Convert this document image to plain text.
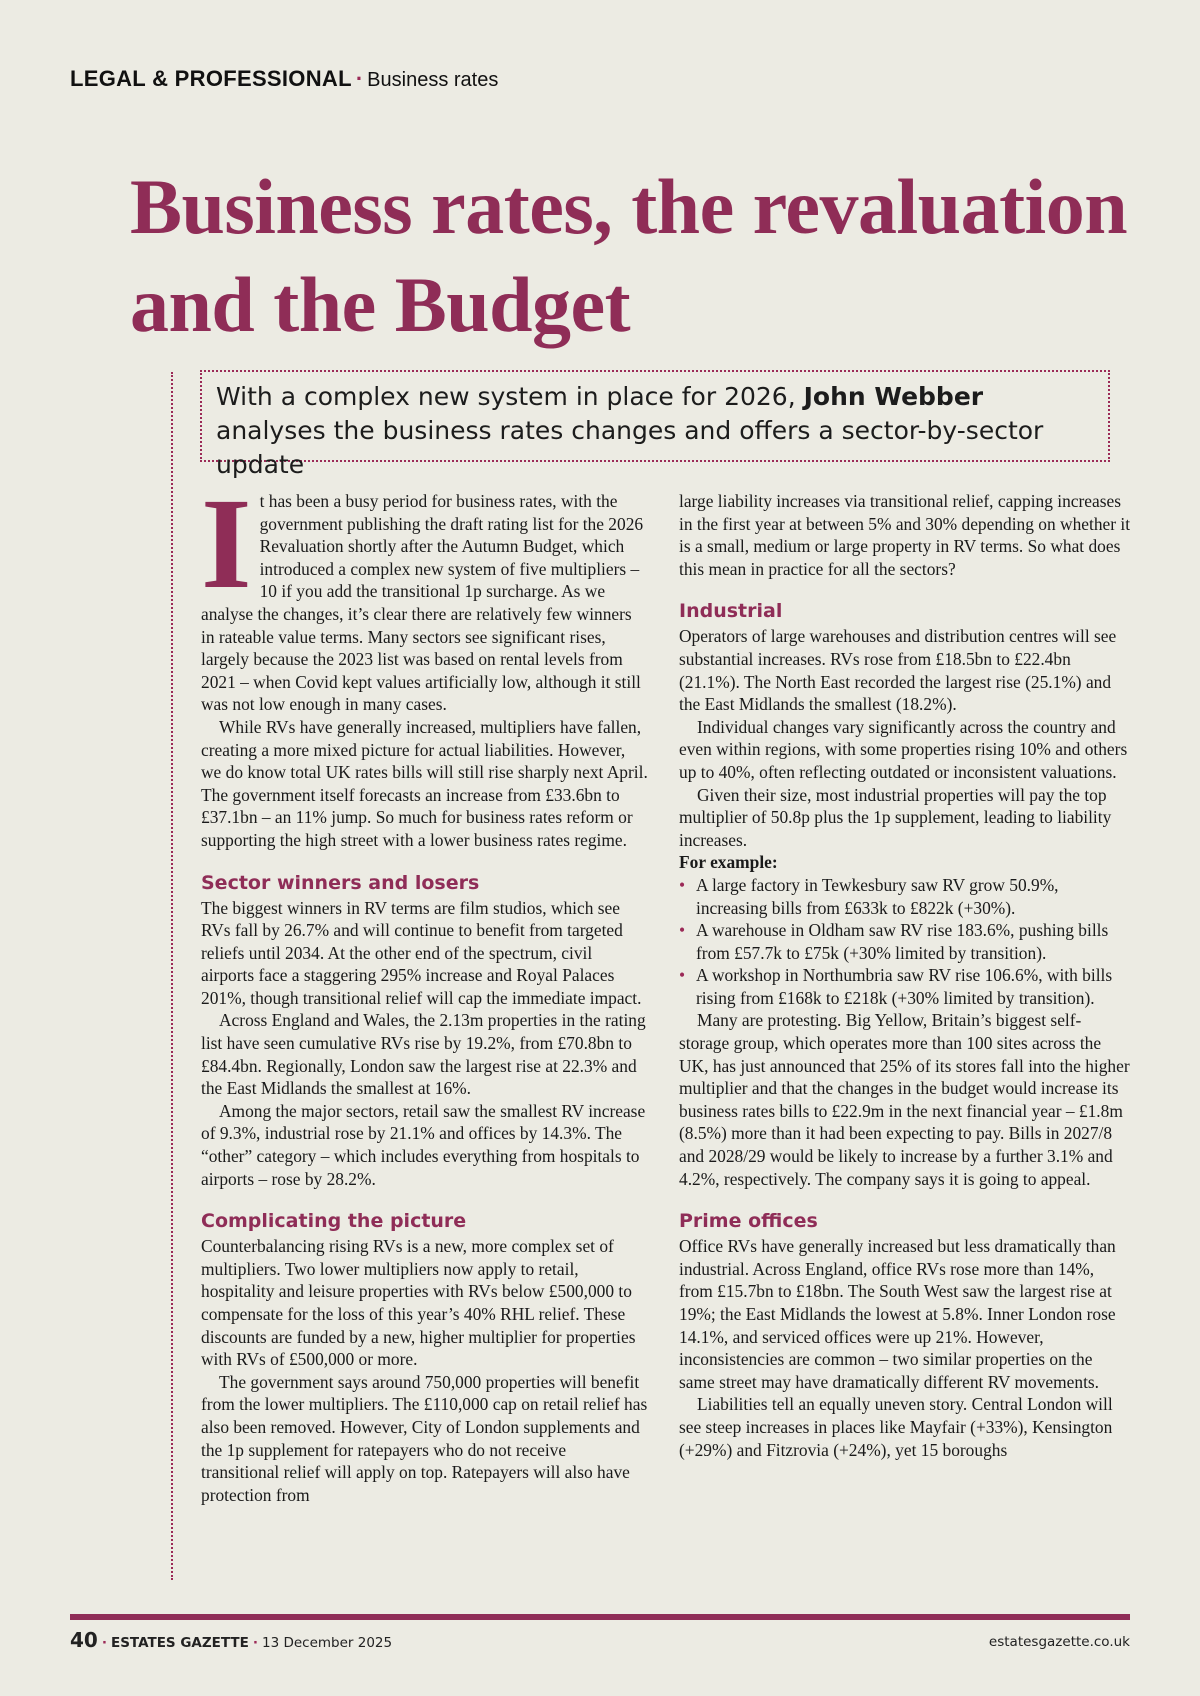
LEGAL & PROFESSIONAL · Business rates
Business rates, the revaluation and the Budget
With a complex new system in place for 2026, John Webber analyses the business rates changes and offers a sector-by-sector update

It has been a busy period for business rates, with the government publishing the draft rating list for the 2026 Revaluation shortly after the Autumn Budget, which introduced a complex new system of five multipliers – 10 if you add the transitional 1p surcharge. As we analyse the changes, it’s clear there are relatively few winners in rateable value terms. Many sectors see significant rises, largely because the 2023 list was based on rental levels from 2021 – when Covid kept values artificially low, although it still was not low enough in many cases.

While RVs have generally increased, multipliers have fallen, creating a more mixed picture for actual liabilities. However, we do know total UK rates bills will still rise sharply next April. The government itself forecasts an increase from £33.6bn to £37.1bn – an 11% jump. So much for business rates reform or supporting the high street with a lower business rates regime.

Sector winners and losers

The biggest winners in RV terms are film studios, which see RVs fall by 26.7% and will continue to benefit from targeted reliefs until 2034. At the other end of the spectrum, civil airports face a staggering 295% increase and Royal Palaces 201%, though transitional relief will cap the immediate impact.

Across England and Wales, the 2.13m properties in the rating list have seen cumulative RVs rise by 19.2%, from £70.8bn to £84.4bn. Regionally, London saw the largest rise at 22.3% and the East Midlands the smallest at 16%.

Among the major sectors, retail saw the smallest RV increase of 9.3%, industrial rose by 21.1% and offices by 14.3%. The “other” category – which includes everything from hospitals to airports – rose by 28.2%.

Complicating the picture

Counterbalancing rising RVs is a new, more complex set of multipliers. Two lower multipliers now apply to retail, hospitality and leisure properties with RVs below £500,000 to compensate for the loss of this year’s 40% RHL relief. These discounts are funded by a new, higher multiplier for properties with RVs of £500,000 or more.

The government says around 750,000 properties will benefit from the lower multipliers. The £110,000 cap on retail relief has also been removed. However, City of London supplements and the 1p supplement for ratepayers who do not receive transitional relief will apply on top. Ratepayers will also have protection from

large liability increases via transitional relief, capping increases in the first year at between 5% and 30% depending on whether it is a small, medium or large property in RV terms. So what does this mean in practice for all the sectors?

Industrial

Operators of large warehouses and distribution centres will see substantial increases. RVs rose from £18.5bn to £22.4bn (21.1%). The North East recorded the largest rise (25.1%) and the East Midlands the smallest (18.2%).

Individual changes vary significantly across the country and even within regions, with some properties rising 10% and others up to 40%, often reflecting outdated or inconsistent valuations.

Given their size, most industrial properties will pay the top multiplier of 50.8p plus the 1p supplement, leading to liability increases.

For example:

• A large factory in Tewkesbury saw RV grow 50.9%, increasing bills from £633k to £822k (+30%).
• A warehouse in Oldham saw RV rise 183.6%, pushing bills from £57.7k to £75k (+30% limited by transition).
• A workshop in Northumbria saw RV rise 106.6%, with bills rising from £168k to £218k (+30% limited by transition).

Many are protesting. Big Yellow, Britain’s biggest self-storage group, which operates more than 100 sites across the UK, has just announced that 25% of its stores fall into the higher multiplier and that the changes in the budget would increase its business rates bills to £22.9m in the next financial year – £1.8m (8.5%) more than it had been expecting to pay. Bills in 2027/8 and 2028/29 would be likely to increase by a further 3.1% and 4.2%, respectively. The company says it is going to appeal.

Prime offices

Office RVs have generally increased but less dramatically than industrial. Across England, office RVs rose more than 14%, from £15.7bn to £18bn. The South West saw the largest rise at 19%; the East Midlands the lowest at 5.8%. Inner London rose 14.1%, and serviced offices were up 21%. However, inconsistencies are common – two similar properties on the same street may have dramatically different RV movements.

Liabilities tell an equally uneven story. Central London will see steep increases in places like Mayfair (+33%), Kensington (+29%) and Fitzrovia (+24%), yet 15 boroughs

40 · ESTATES GAZETTE · 13 December 2025	estatesgazette.co.uk
